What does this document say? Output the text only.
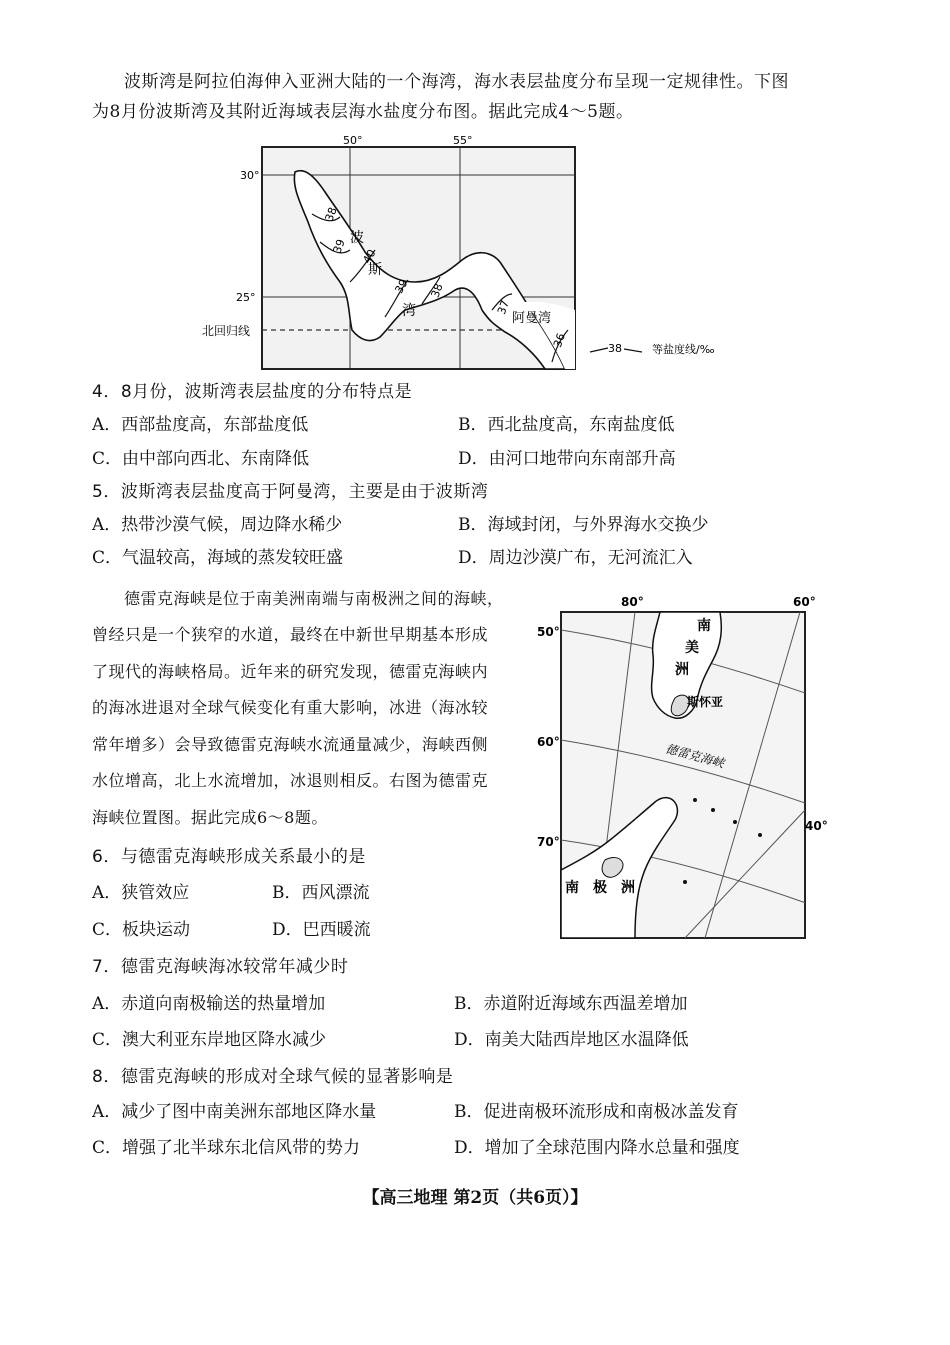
波斯湾是阿拉伯海伸入亚洲大陆的一个海湾，海水表层盐度分布呈现一定规律性。下图
为8月份波斯湾及其附近海域表层海水盐度分布图。据此完成4～5题。
50°	55°
30°
25°
北回归线
38
39
40
39 38
37
36
波
斯
湾	阿曼湾
38	等盐度线/‰
4．8月份，波斯湾表层盐度的分布特点是
A．西部盐度高，东部盐度低	B．西北盐度高，东南盐度低
C．由中部向西北、东南降低	D．由河口地带向东南部升高
5．波斯湾表层盐度高于阿曼湾，主要是由于波斯湾
A．热带沙漠气候，周边降水稀少	B．海域封闭，与外界海水交换少
C．气温较高，海域的蒸发较旺盛	D．周边沙漠广布，无河流汇入
德雷克海峡是位于南美洲南端与南极洲之间的海峡，
曾经只是一个狭窄的水道，最终在中新世早期基本形成
了现代的海峡格局。近年来的研究发现，德雷克海峡内
的海冰进退对全球气候变化有重大影响，冰进（海冰较
常年增多）会导致德雷克海峡水流通量减少，海峡西侧
水位增高，北上水流增加，冰退则相反。右图为德雷克
海峡位置图。据此完成6～8题。
80°	60°
40°
50°
60°
70°
南
美
洲
斯怀亚
德雷克海峡
南 极 洲
6．与德雷克海峡形成关系最小的是
A．狭管效应	B．西风漂流
C．板块运动	D．巴西暖流
7．德雷克海峡海冰较常年减少时
A．赤道向南极输送的热量增加	B．赤道附近海域东西温差增加
C．澳大利亚东岸地区降水减少	D．南美大陆西岸地区水温降低
8．德雷克海峡的形成对全球气候的显著影响是
A．减少了图中南美洲东部地区降水量	B．促进南极环流形成和南极冰盖发育
C．增强了北半球东北信风带的势力	D．增加了全球范围内降水总量和强度
【高三地理 第2页（共6页）】
